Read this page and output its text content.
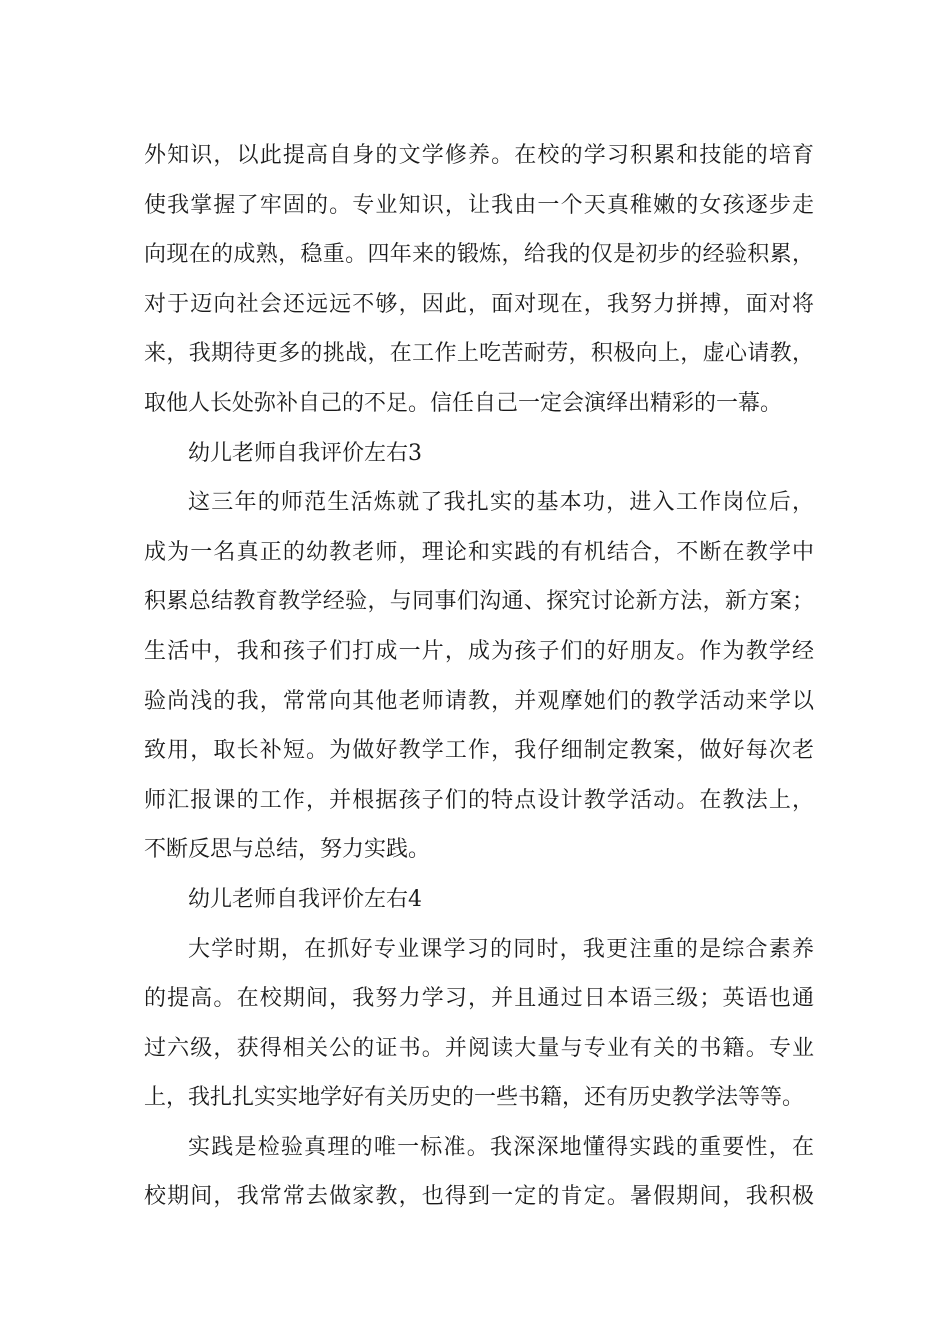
外知识，以此提高自身的文学修养。在校的学习积累和技能的培育
使我掌握了牢固的。专业知识，让我由一个天真稚嫩的女孩逐步走
向现在的成熟，稳重。四年来的锻炼，给我的仅是初步的经验积累，
对于迈向社会还远远不够，因此，面对现在，我努力拼搏，面对将
来，我期待更多的挑战，在工作上吃苦耐劳，积极向上，虚心请教，
取他人长处弥补自己的不足。信任自己一定会演绎出精彩的一幕。
幼儿老师自我评价左右3
这三年的师范生活炼就了我扎实的基本功，进入工作岗位后，
成为一名真正的幼教老师，理论和实践的有机结合，不断在教学中
积累总结教育教学经验，与同事们沟通、探究讨论新方法，新方案；
生活中，我和孩子们打成一片，成为孩子们的好朋友。作为教学经
验尚浅的我，常常向其他老师请教，并观摩她们的教学活动来学以
致用，取长补短。为做好教学工作，我仔细制定教案，做好每次老
师汇报课的工作，并根据孩子们的特点设计教学活动。在教法上，
不断反思与总结，努力实践。
幼儿老师自我评价左右4
大学时期，在抓好专业课学习的同时，我更注重的是综合素养
的提高。在校期间，我努力学习，并且通过日本语三级；英语也通
过六级，获得相关公的证书。并阅读大量与专业有关的书籍。专业
上，我扎扎实实地学好有关历史的一些书籍，还有历史教学法等等。
实践是检验真理的唯一标准。我深深地懂得实践的重要性，在
校期间，我常常去做家教，也得到一定的肯定。暑假期间，我积极
